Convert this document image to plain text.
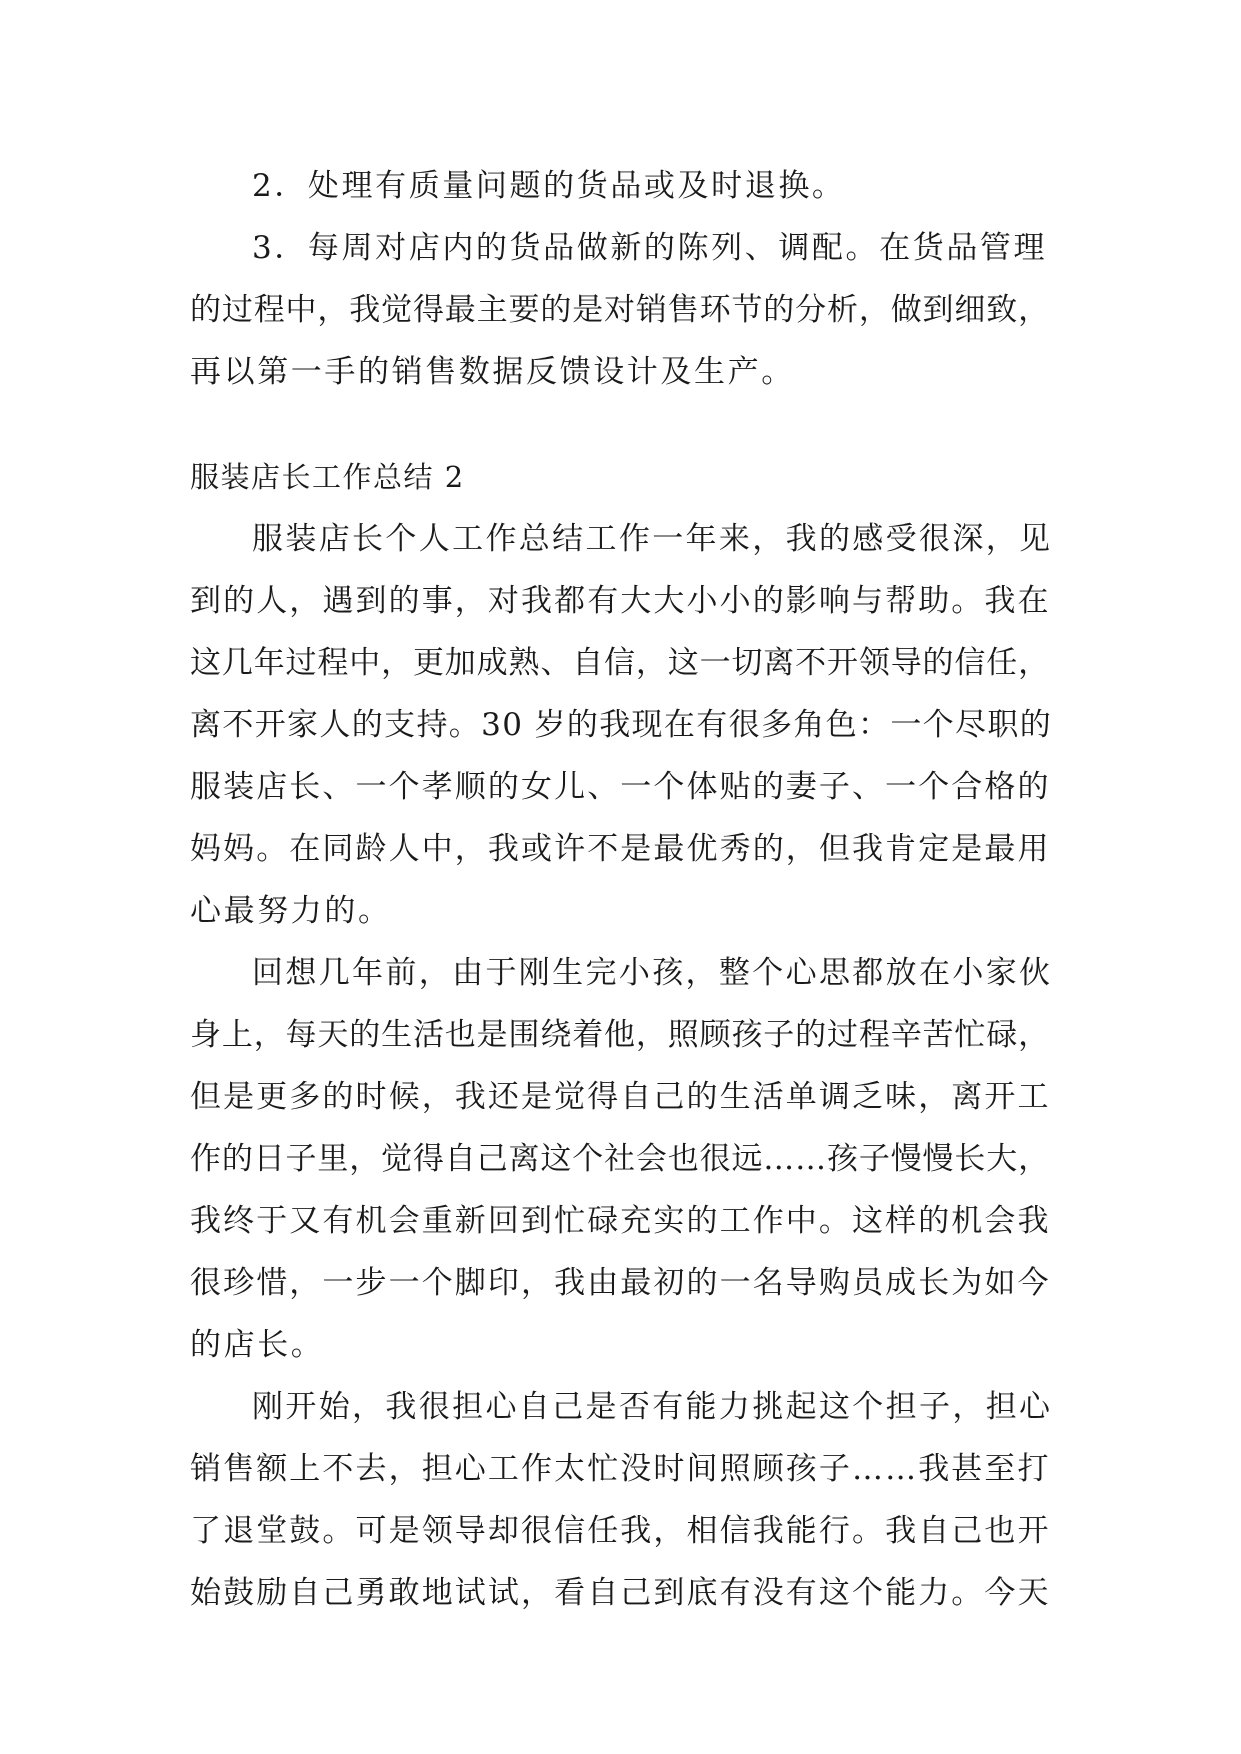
2．处理有质量问题的货品或及时退换。
3．每周对店内的货品做新的陈列、调配。在货品管理
的过程中，我觉得最主要的是对销售环节的分析，做到细致，
再以第一手的销售数据反馈设计及生产。
服装店长工作总结 2
服装店长个人工作总结工作一年来，我的感受很深，见
到的人，遇到的事，对我都有大大小小的影响与帮助。我在
这几年过程中，更加成熟、自信，这一切离不开领导的信任，
离不开家人的支持。30 岁的我现在有很多角色：一个尽职的
服装店长、一个孝顺的女儿、一个体贴的妻子、一个合格的
妈妈。在同龄人中，我或许不是最优秀的，但我肯定是最用
心最努力的。
回想几年前，由于刚生完小孩，整个心思都放在小家伙
身上，每天的生活也是围绕着他，照顾孩子的过程辛苦忙碌，
但是更多的时候，我还是觉得自己的生活单调乏味，离开工
作的日子里，觉得自己离这个社会也很远……孩子慢慢长大，
我终于又有机会重新回到忙碌充实的工作中。这样的机会我
很珍惜，一步一个脚印，我由最初的一名导购员成长为如今
的店长。
刚开始，我很担心自己是否有能力挑起这个担子，担心
销售额上不去，担心工作太忙没时间照顾孩子……我甚至打
了退堂鼓。可是领导却很信任我，相信我能行。我自己也开
始鼓励自己勇敢地试试，看自己到底有没有这个能力。今天
